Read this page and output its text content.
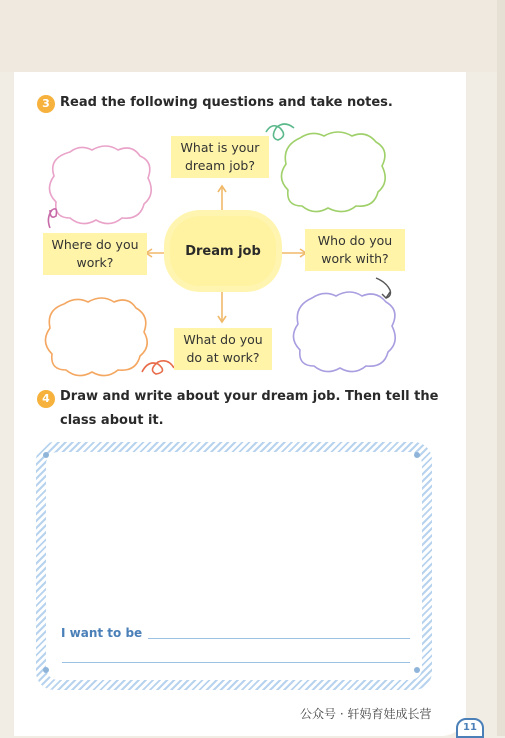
3 Read the following questions and take notes.
What is your dream job?
Where do you work?
Who do you work with?
What do you do at work?
Dream job
4 Draw and write about your dream job. Then tell the
class about it.
I want to be
公众号 · 轩妈育娃成长营
11
